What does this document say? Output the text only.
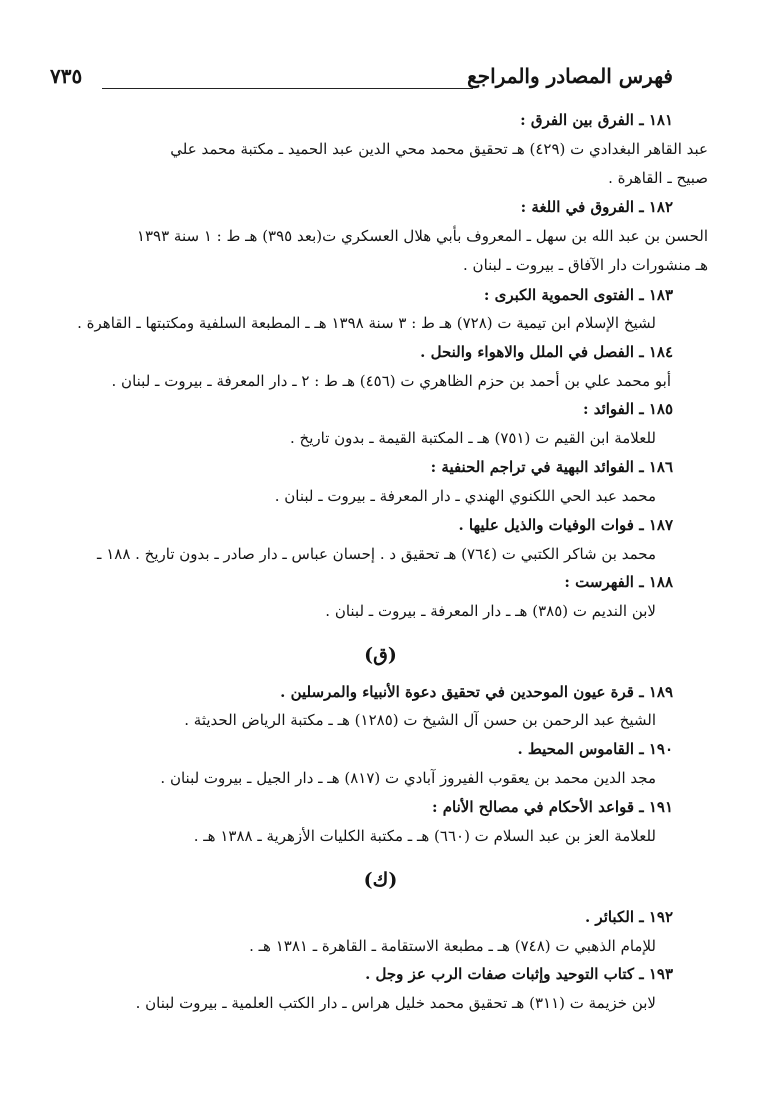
فهرس المصادر والمراجع
٧٣٥
١٨١ ـ الفرق بين الفرق :
عبد القاهر البغدادي ت (٤٢٩) هـ تحقيق محمد محي الدين عبد الحميد ـ مكتبة محمد علي
صبيح ـ القاهرة .
١٨٢ ـ الفروق في اللغة :
الحسن بن عبد الله بن سهل ـ المعروف بأبي هلال العسكري ت(بعد ٣٩٥) هـ ط : ١ سنة ١٣٩٣
هـ منشورات دار الآفاق ـ بيروت ـ لبنان .
١٨٣ ـ الفتوى الحموية الكبرى :
لشيخ الإسلام ابن تيمية ت (٧٢٨) هـ ط : ٣ سنة ١٣٩٨ هـ ـ المطبعة السلفية ومكتبتها ـ القاهرة .
١٨٤ ـ الفصل في الملل والاهواء والنحل .
أبو محمد علي بن أحمد بن حزم الظاهري ت (٤٥٦) هـ ط : ٢ ـ دار المعرفة ـ بيروت ـ لبنان .
١٨٥ ـ الفوائد :
للعلامة ابن القيم ت (٧٥١) هـ ـ المكتبة القيمة ـ بدون تاريخ .
١٨٦ ـ الفوائد البهية في تراجم الحنفية :
محمد عبد الحي اللكنوي الهندي ـ دار المعرفة ـ بيروت ـ لبنان .
١٨٧ ـ فوات الوفيات والذيل عليها .
محمد بن شاكر الكتبي ت (٧٦٤) هـ تحقيق د . إحسان عباس ـ دار صادر ـ بدون تاريخ . ١٨٨ ـ
١٨٨ ـ الفهرست :
لابن النديم ت (٣٨٥) هـ ـ دار المعرفة ـ بيروت ـ لبنان .
(ق)
١٨٩ ـ قرة عيون الموحدين في تحقيق دعوة الأنبياء والمرسلين .
الشيخ عبد الرحمن بن حسن آل الشيخ ت (١٢٨٥) هـ ـ مكتبة الرياض الحديثة .
١٩٠ ـ القاموس المحيط .
مجد الدين محمد بن يعقوب الفيروز آبادي ت (٨١٧) هـ ـ دار الجيل ـ بيروت لبنان .
١٩١ ـ قواعد الأحكام في مصالح الأنام :
للعلامة العز بن عبد السلام ت (٦٦٠) هـ ـ مكتبة الكليات الأزهرية ـ ١٣٨٨ هـ .
(ك)
١٩٢ ـ الكبائر .
للإمام الذهبي ت (٧٤٨) هـ ـ مطبعة الاستقامة ـ القاهرة ـ ١٣٨١ هـ .
١٩٣ ـ كتاب التوحيد وإثبات صفات الرب عز وجل .
لابن خزيمة ت (٣١١) هـ تحقيق محمد خليل هراس ـ دار الكتب العلمية ـ بيروت لبنان .
